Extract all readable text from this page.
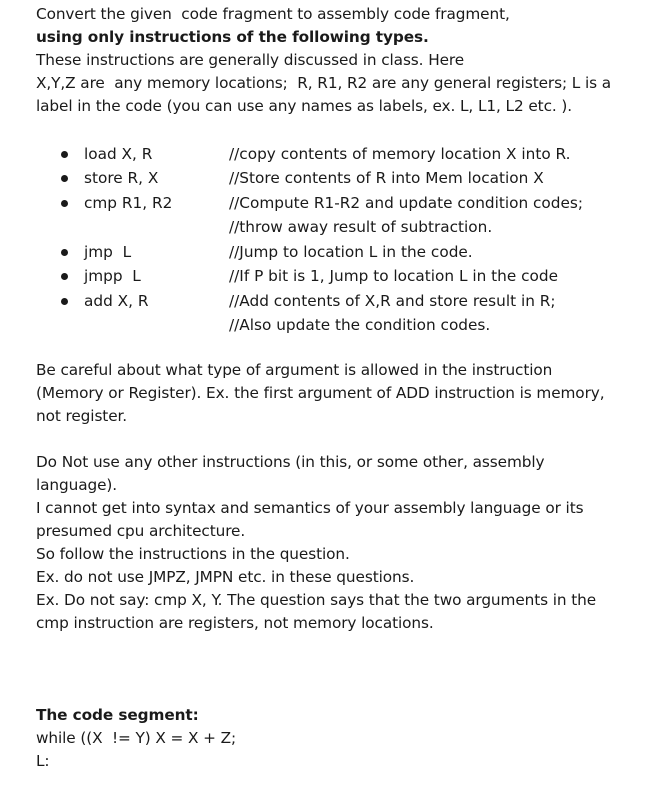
Convert the given  code fragment to assembly code fragment,
using only instructions of the following types.
These instructions are generally discussed in class. Here
X,Y,Z are  any memory locations;  R, R1, R2 are any general registers; L is a
label in the code (you can use any names as labels, ex. L, L1, L2 etc. ).
load X, R	//copy contents of memory location X into R.
store R, X	//Store contents of R into Mem location X
cmp R1, R2	//Compute R1-R2 and update condition codes;
//throw away result of subtraction.
jmp  L	//Jump to location L in the code.
jmpp  L	//If P bit is 1, Jump to location L in the code
add X, R	//Add contents of X,R and store result in R;
//Also update the condition codes.
Be careful about what type of argument is allowed in the instruction
(Memory or Register). Ex. the first argument of ADD instruction is memory,
not register.
Do Not use any other instructions (in this, or some other, assembly
language).
I cannot get into syntax and semantics of your assembly language or its
presumed cpu architecture.
So follow the instructions in the question.
Ex. do not use JMPZ, JMPN etc. in these questions.
Ex. Do not say: cmp X, Y. The question says that the two arguments in the
cmp instruction are registers, not memory locations.
The code segment:
while ((X  != Y) X = X + Z;
L:
